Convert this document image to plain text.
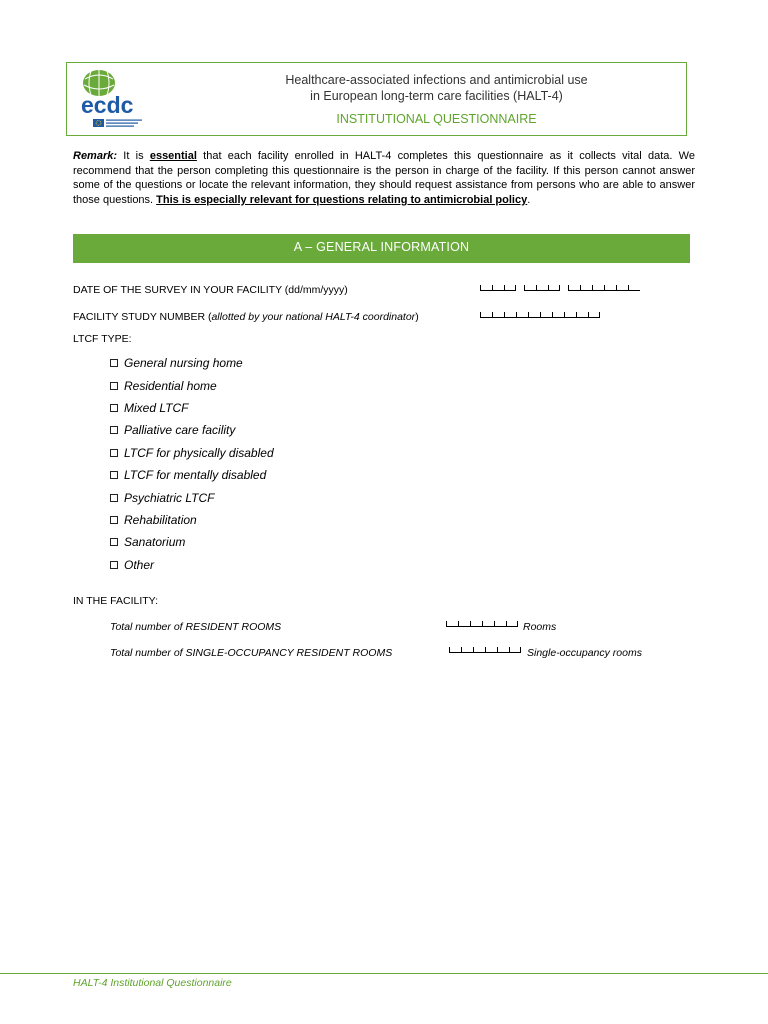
ecdc
Healthcare-associated infections and antimicrobial use
in European long-term care facilities (HALT-4)
INSTITUTIONAL QUESTIONNAIRE
Remark: It is essential that each facility enrolled in HALT-4 completes this questionnaire as it collects vital data. We recommend that the person completing this questionnaire is the person in charge of the facility. If this person cannot answer some of the questions or locate the relevant information, they should request assistance from persons who are able to answer those questions. This is especially relevant for questions relating to antimicrobial policy.
A – GENERAL INFORMATION
DATE OF THE SURVEY IN YOUR FACILITY (dd/mm/yyyy)
FACILITY STUDY NUMBER (allotted by your national HALT-4 coordinator)
LTCF TYPE:
General nursing home
Residential home
Mixed LTCF
Palliative care facility
LTCF for physically disabled
LTCF for mentally disabled
Psychiatric LTCF
Rehabilitation
Sanatorium
Other
IN THE FACILITY:
Total number of RESIDENT ROOMS	Rooms
Total number of SINGLE-OCCUPANCY RESIDENT ROOMS	Single-occupancy rooms
HALT-4 Institutional Questionnaire
